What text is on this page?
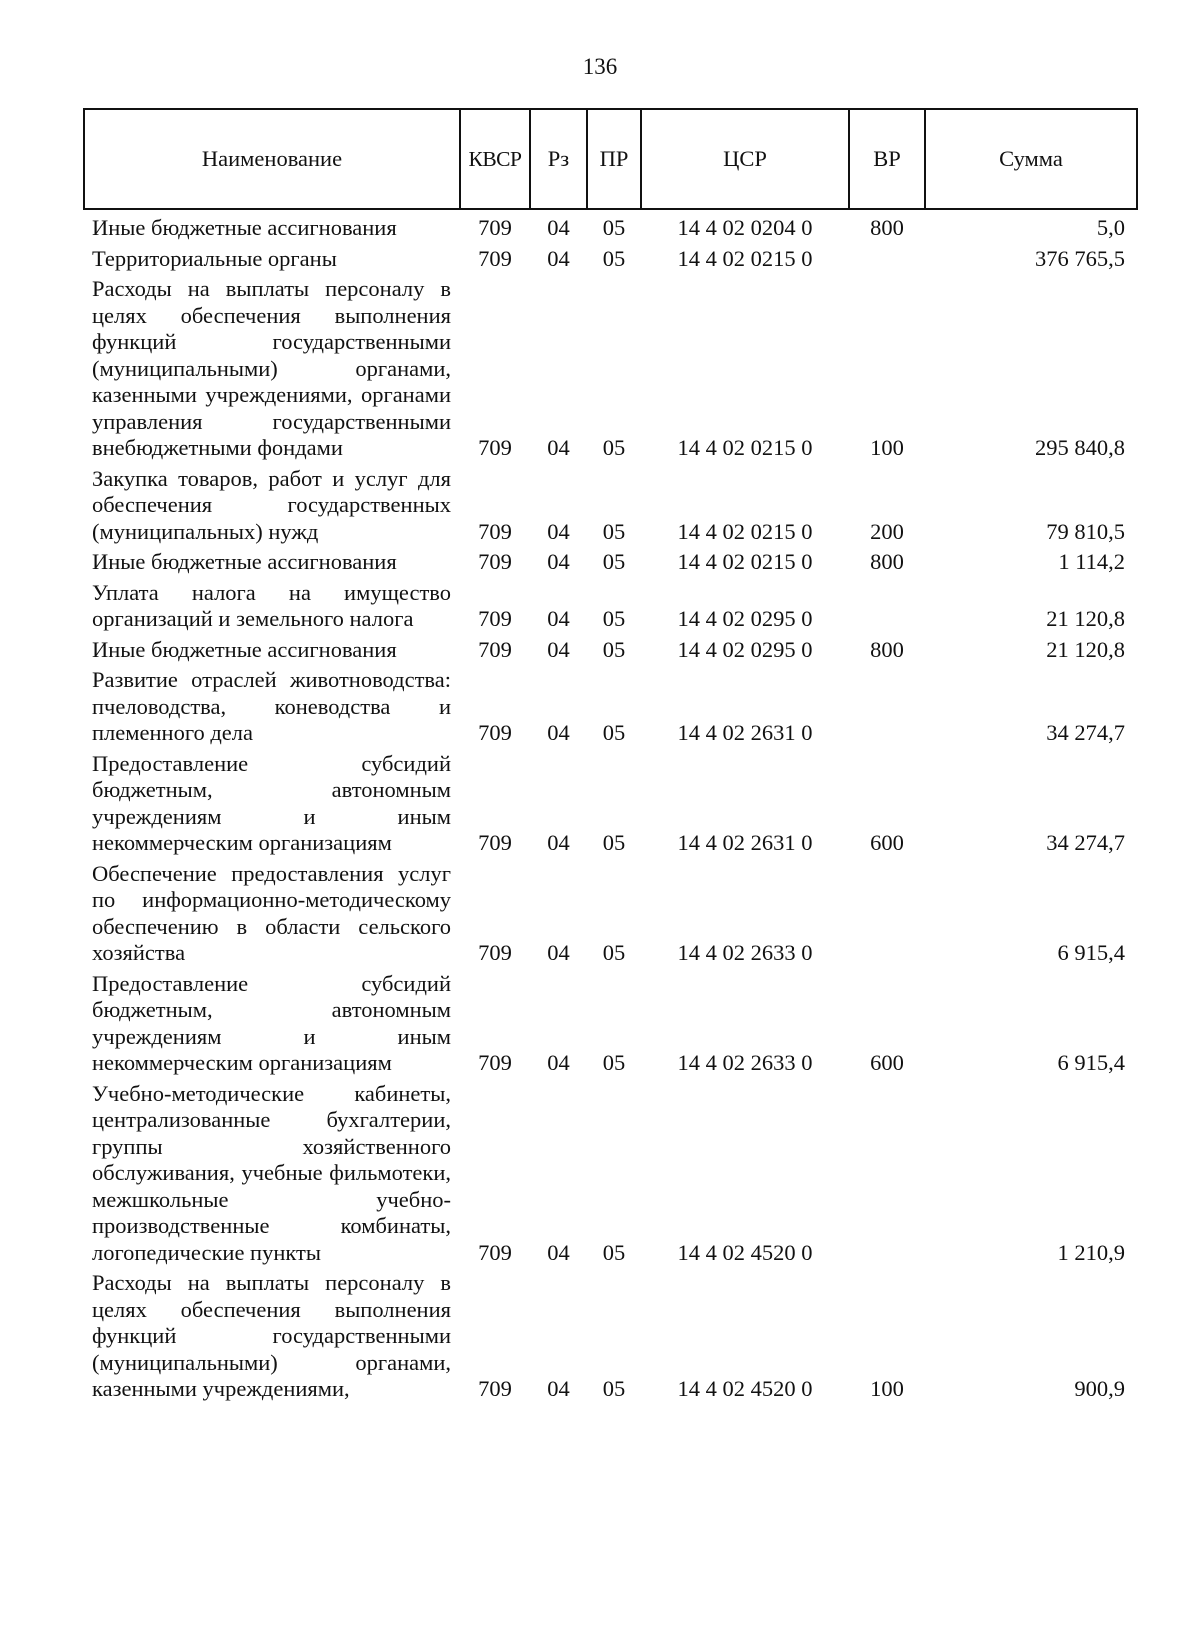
136
Наименование	КВСР	Рз	ПР	ЦСР	ВР	Сумма
Иные бюджетные ассигнования	709	04	05	14 4 02 0204 0	800	5,0
Территориальные органы	709	04	05	14 4 02 0215 0		376 765,5
Расходы на выплаты персоналу в целях обеспечения выполнения функций государственными (муниципальными) органами, казенными учреждениями, органами управления государственными внебюджетными фондами	709	04	05	14 4 02 0215 0	100	295 840,8
Закупка товаров, работ и услуг для обеспечения государственных (муниципальных) нужд	709	04	05	14 4 02 0215 0	200	79 810,5
Иные бюджетные ассигнования	709	04	05	14 4 02 0215 0	800	1 114,2
Уплата налога на имущество организаций и земельного налога	709	04	05	14 4 02 0295 0		21 120,8
Иные бюджетные ассигнования	709	04	05	14 4 02 0295 0	800	21 120,8
Развитие отраслей животноводства: пчеловодства, коневодства и племенного дела	709	04	05	14 4 02 2631 0		34 274,7
Предоставление субсидий бюджетным, автономным учреждениям и иным некоммерческим организациям	709	04	05	14 4 02 2631 0	600	34 274,7
Обеспечение предоставления услуг по информационно-методическому обеспечению в области сельского хозяйства	709	04	05	14 4 02 2633 0		6 915,4
Предоставление субсидий бюджетным, автономным учреждениям и иным некоммерческим организациям	709	04	05	14 4 02 2633 0	600	6 915,4
Учебно-методические кабинеты, централизованные бухгалтерии, группы хозяйственного обслуживания, учебные фильмотеки, межшкольные учебно-производственные комбинаты, логопедические пункты	709	04	05	14 4 02 4520 0		1 210,9
Расходы на выплаты персоналу в целях обеспечения выполнения функций государственными (муниципальными) органами, казенными учреждениями,	709	04	05	14 4 02 4520 0	100	900,9
